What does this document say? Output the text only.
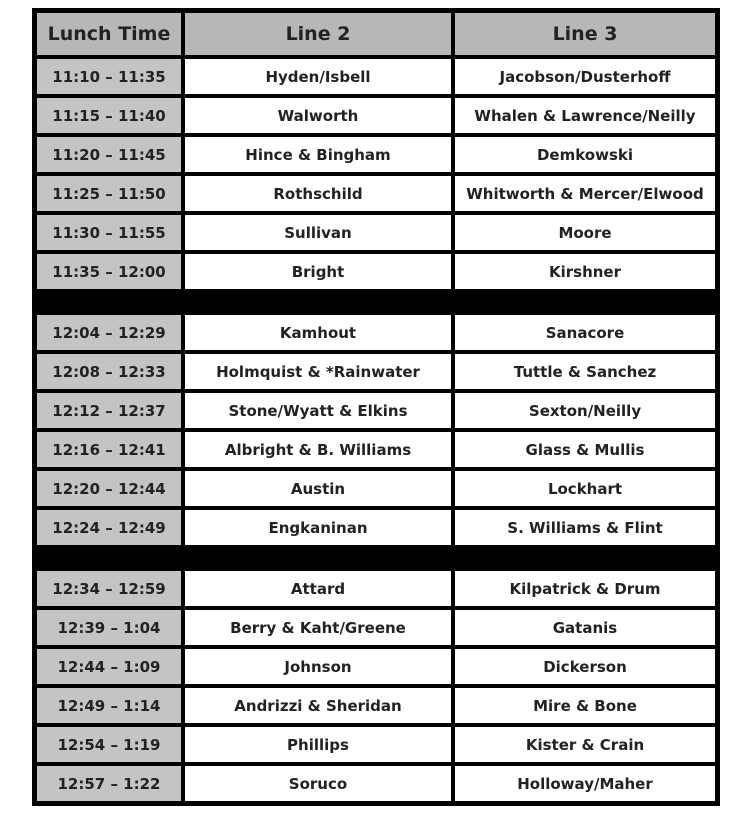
Lunch Time	Line 2	Line 3
11:10 – 11:35	Hyden/Isbell	Jacobson/Dusterhoff
11:15 – 11:40	Walworth	Whalen & Lawrence/Neilly
11:20 – 11:45	Hince & Bingham	Demkowski
11:25 – 11:50	Rothschild	Whitworth & Mercer/Elwood
11:30 – 11:55	Sullivan	Moore
11:35 – 12:00	Bright	Kirshner

12:04 – 12:29	Kamhout	Sanacore
12:08 – 12:33	Holmquist & *Rainwater	Tuttle & Sanchez
12:12 – 12:37	Stone/Wyatt & Elkins	Sexton/Neilly
12:16 – 12:41	Albright & B. Williams	Glass & Mullis
12:20 – 12:44	Austin	Lockhart
12:24 – 12:49	Engkaninan	S. Williams & Flint

12:34 – 12:59	Attard	Kilpatrick & Drum
12:39 – 1:04	Berry & Kaht/Greene	Gatanis
12:44 – 1:09	Johnson	Dickerson
12:49 – 1:14	Andrizzi & Sheridan	Mire & Bone
12:54 – 1:19	Phillips	Kister & Crain
12:57 – 1:22	Soruco	Holloway/Maher
